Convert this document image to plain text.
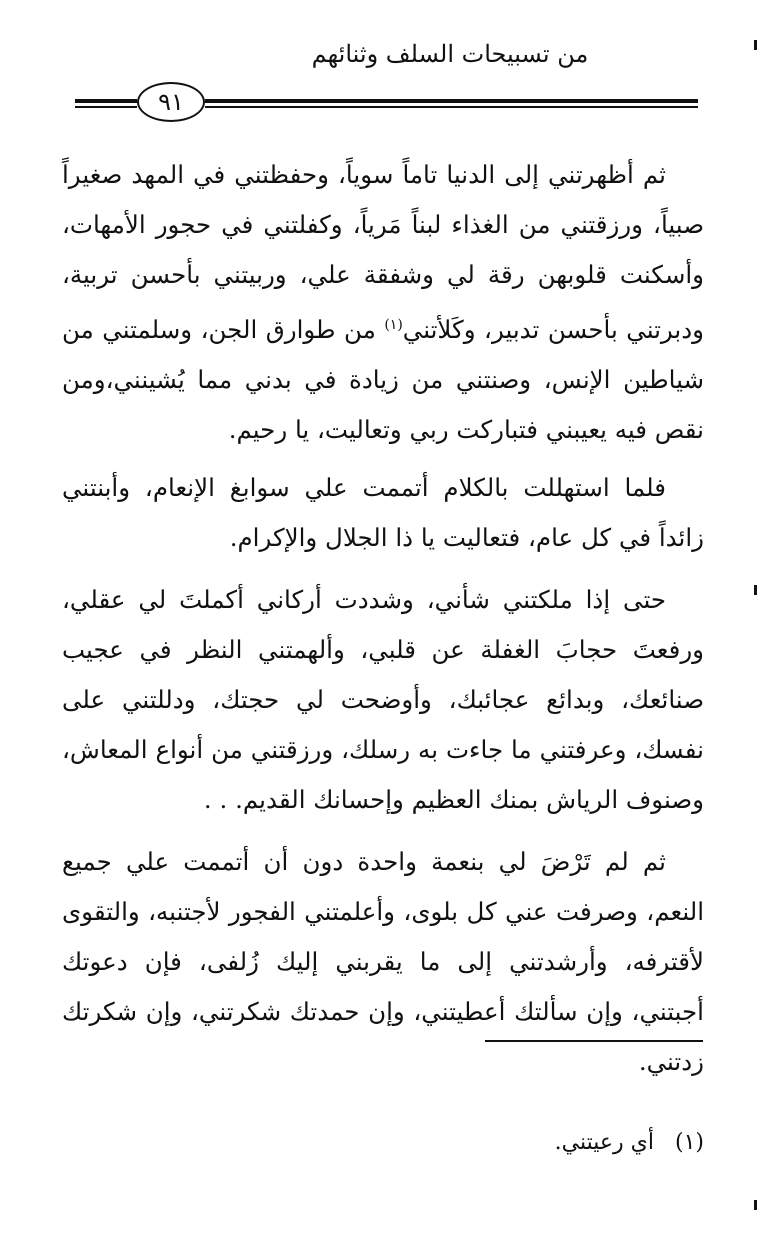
من تسبيحات السلف وثنائهم
٩١

ثم أظهرتني إلى الدنيا تاماً سوياً، وحفظتني في المهد صغيراً صبياً، ورزقتني من الغذاء لبناً مَرياً، وكفلتني في حجور الأمهات، وأسكنت قلوبهن رقة لي وشفقة علي، وربيتني بأحسن تربية، ودبرتني بأحسن تدبير، وكَلأتني$^{(١)}$ من طوارق الجن، وسلمتني من شياطين الإنس، وصنتني من زيادة في بدني مما يُشينني،ومن نقص فيه يعيبني فتباركت ربي وتعاليت، يا رحيم.

فلما استهللت بالكلام أتممت علي سوابغ الإنعام، وأبنتني زائداً في كل عام، فتعاليت يا ذا الجلال والإكرام.

حتى إذا ملكتني شأني، وشددت أركاني أكملتَ لي عقلي، ورفعتَ حجابَ الغفلة عن قلبي، وألهمتني النظر في عجيب صنائعك، وبدائع عجائبك، وأوضحت لي حجتك، ودللتني على نفسك، وعرفتني ما جاءت به رسلك، ورزقتني من أنواع المعاش، وصنوف الرياش بمنك العظيم وإحسانك القديم. . .

ثم لم تَرْضَ لي بنعمة واحدة دون أن أتممت علي جميع النعم، وصرفت عني كل بلوى، وأعلمتني الفجور لأجتنبه، والتقوى لأقترفه، وأرشدتني إلى ما يقربني إليك زُلفى، فإن دعوتك أجبتني، وإن سألتك أعطيتني، وإن حمدتك شكرتني، وإن شكرتك زدتني.

(١) أي رعيتني.
